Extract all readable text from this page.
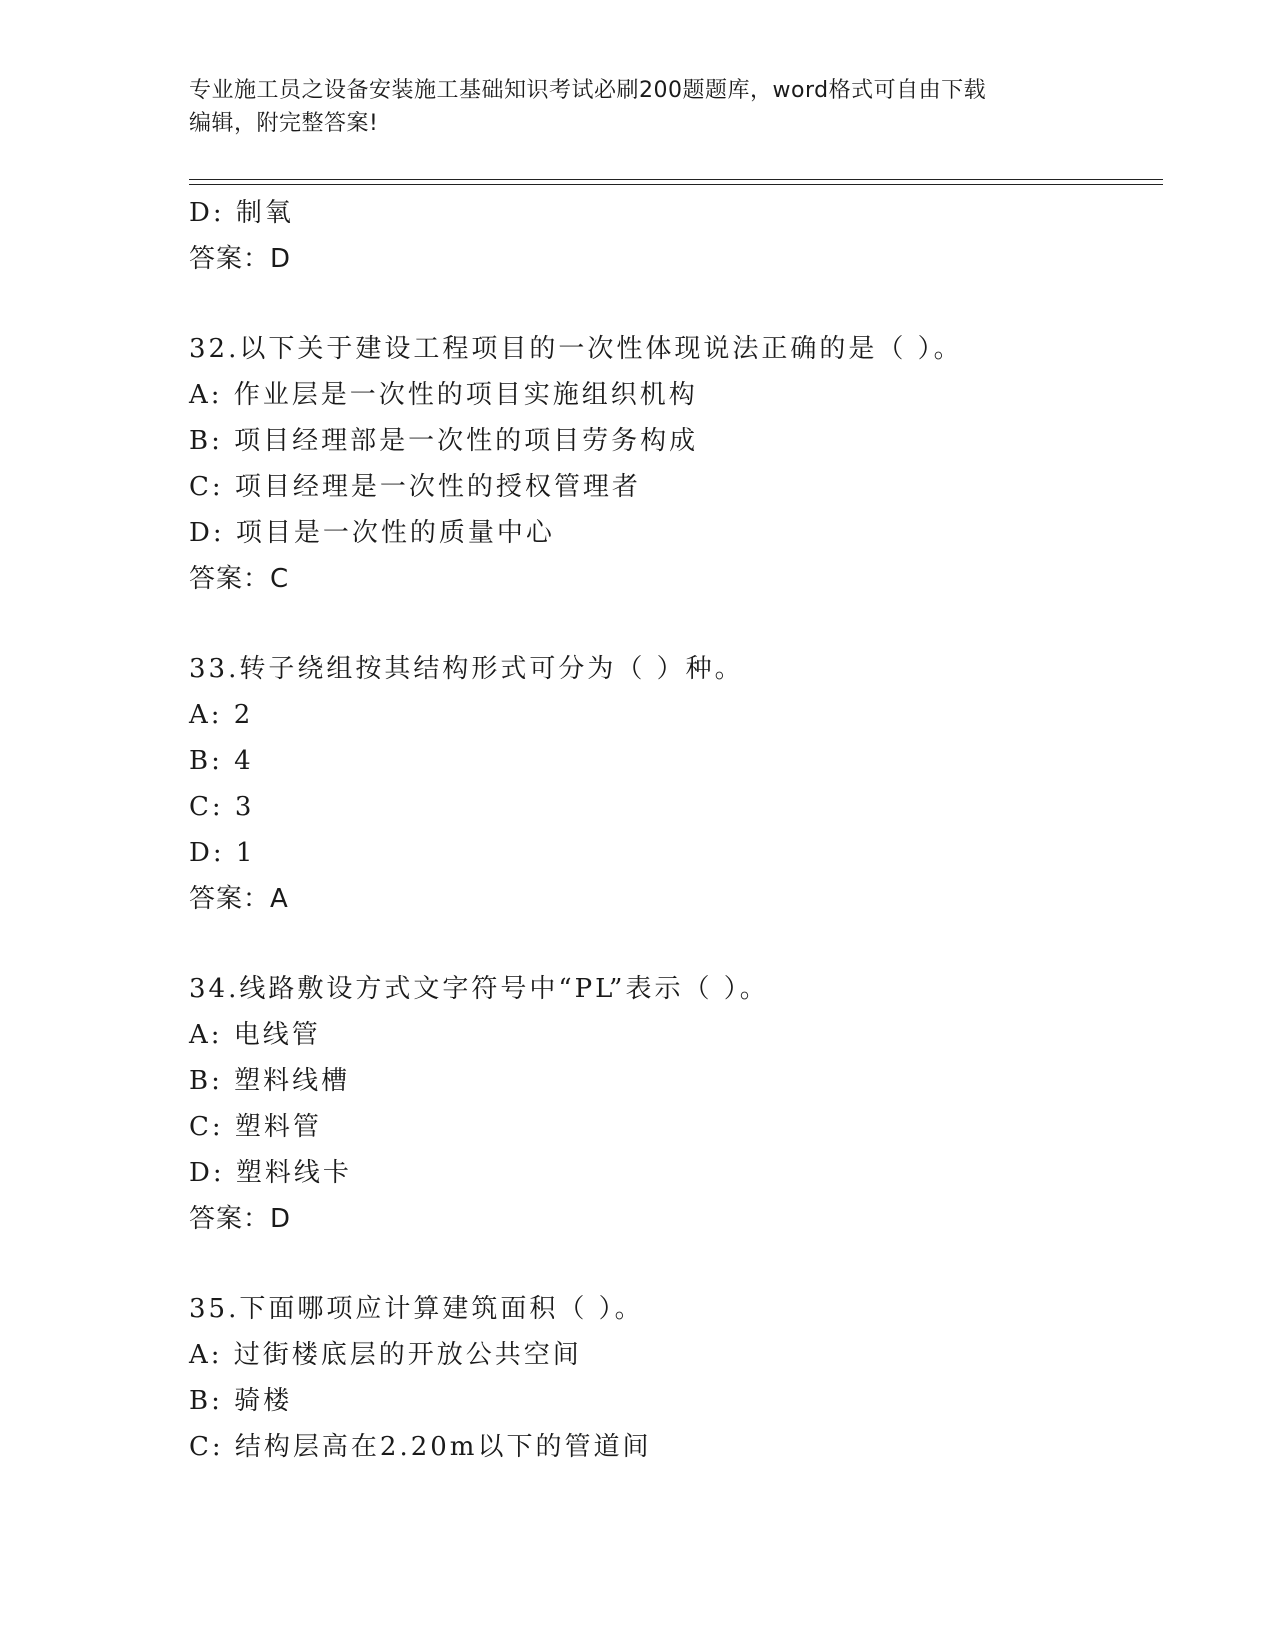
专业施工员之设备安装施工基础知识考试必刷200题题库，word格式可自由下载
编辑，附完整答案!
D: 制氧
答案：D
32.以下关于建设工程项目的一次性体现说法正确的是（ ）。
A: 作业层是一次性的项目实施组织机构
B: 项目经理部是一次性的项目劳务构成
C: 项目经理是一次性的授权管理者
D: 项目是一次性的质量中心
答案：C
33.转子绕组按其结构形式可分为（ ）种。
A: 2
B: 4
C: 3
D: 1
答案：A
34.线路敷设方式文字符号中“PL”表示（ ）。
A: 电线管
B: 塑料线槽
C: 塑料管
D: 塑料线卡
答案：D
35.下面哪项应计算建筑面积（ ）。
A: 过街楼底层的开放公共空间
B: 骑楼
C: 结构层高在2.20m以下的管道间
